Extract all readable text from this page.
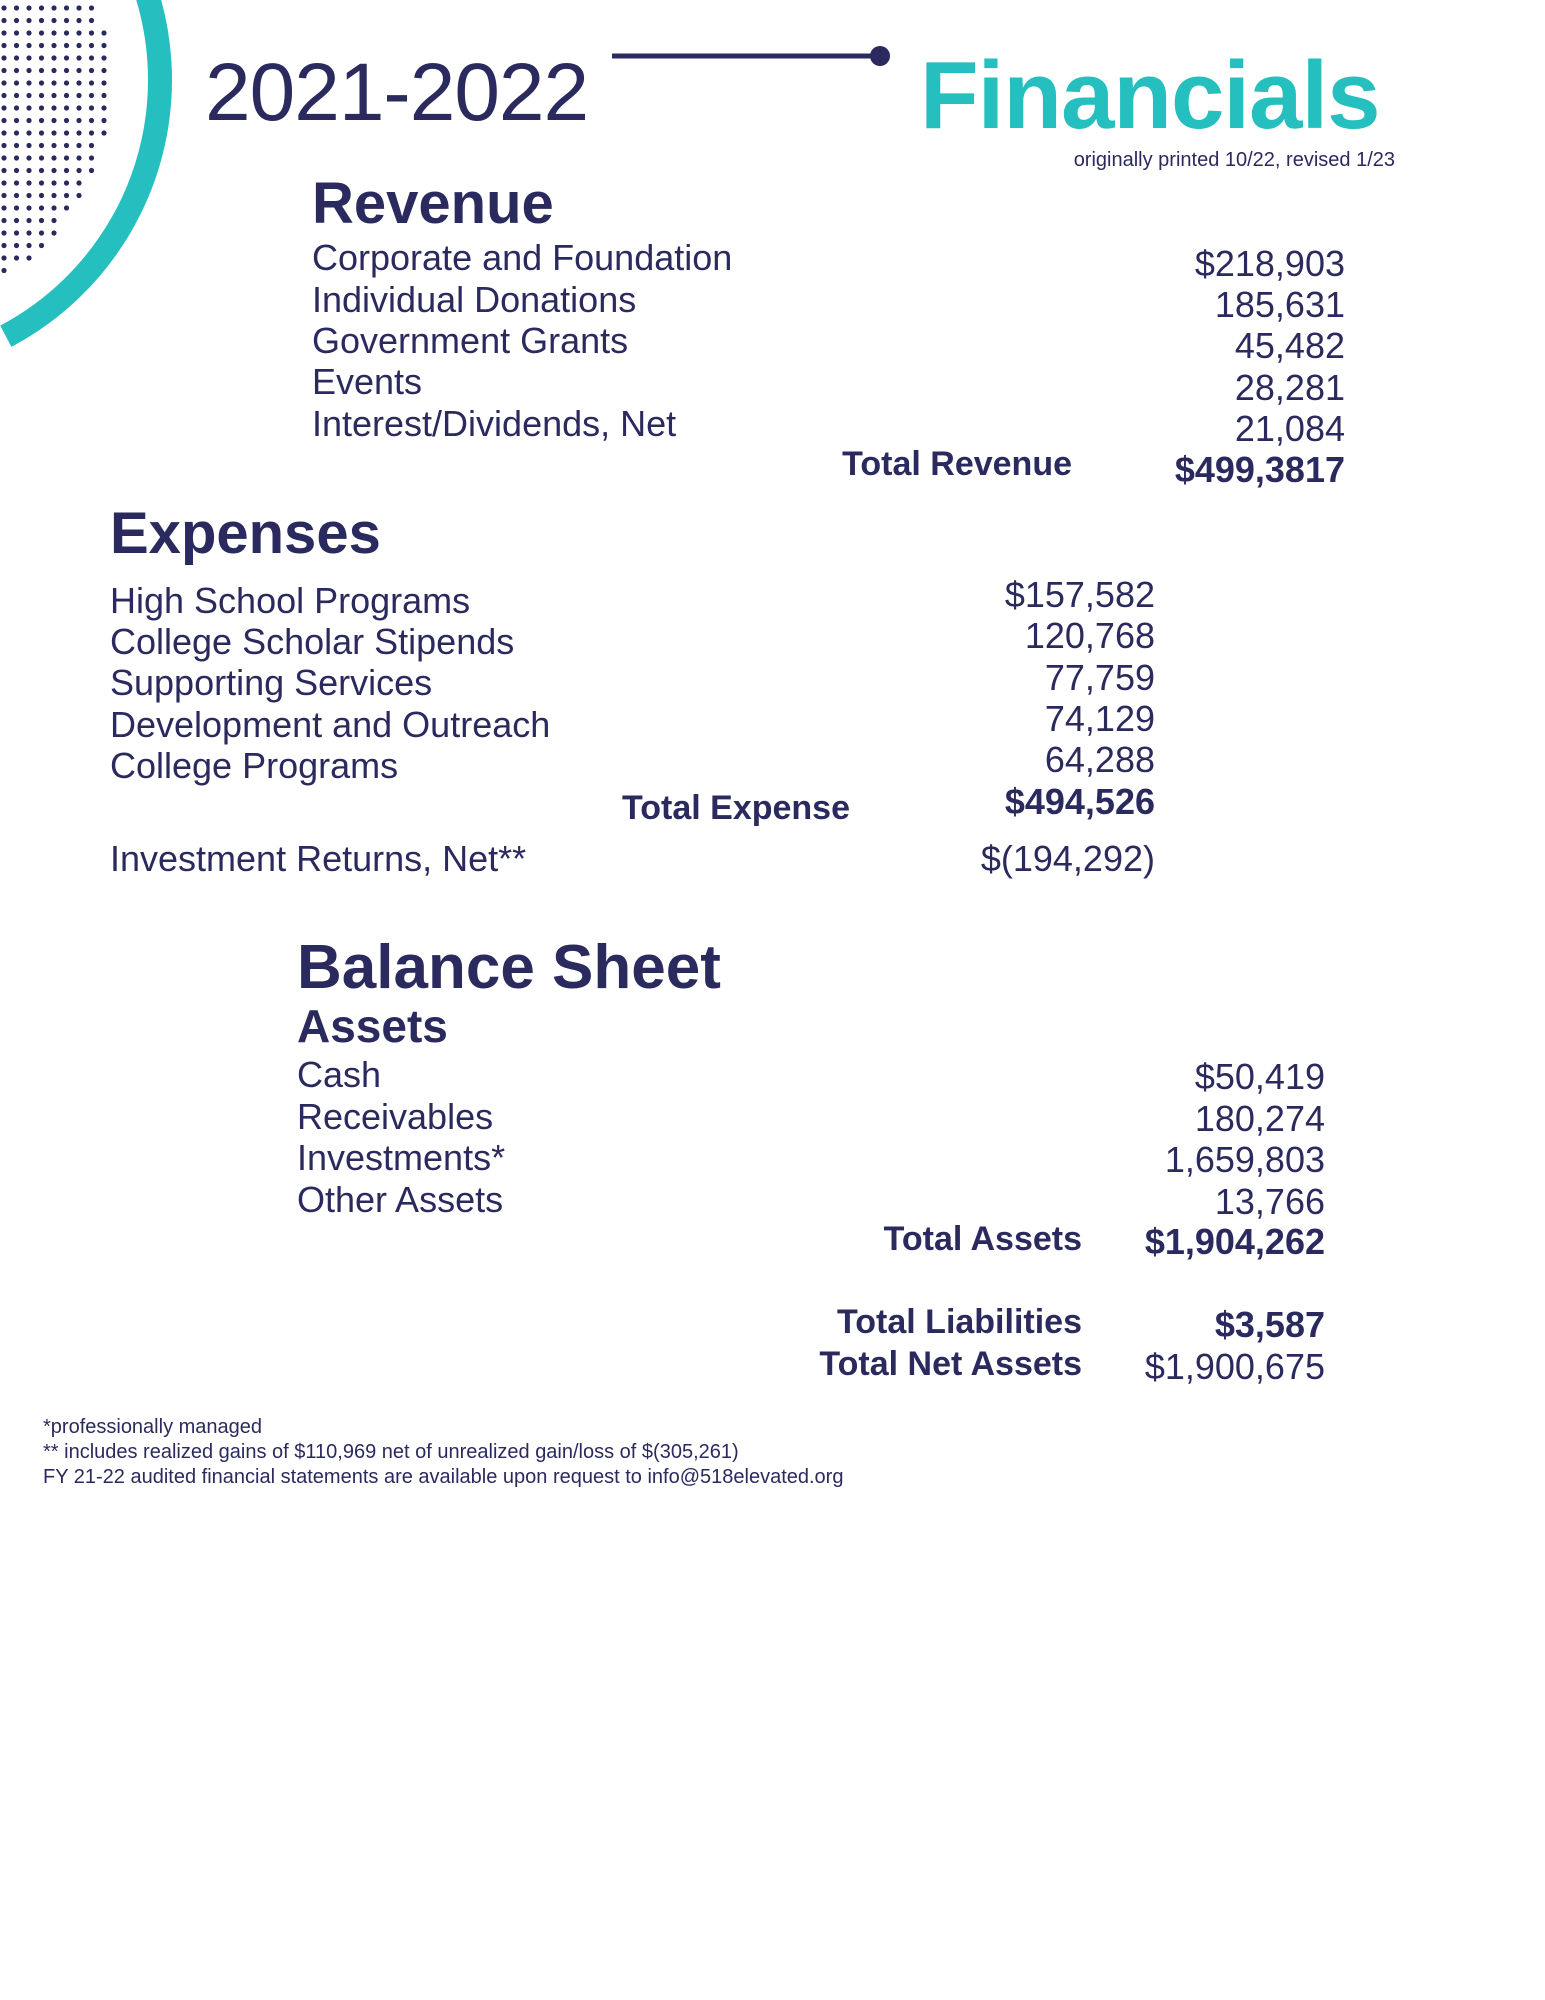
2021-2022	Financials
originally printed 10/22, revised 1/23
Revenue
Corporate and Foundation	$218,903
Individual Donations	185,631
Government Grants	45,482
Events	28,281
Interest/Dividends, Net	21,084
Total Revenue	$499,3817
Expenses
High School Programs	$157,582
College Scholar Stipends	120,768
Supporting Services	77,759
Development and Outreach	74,129
College Programs	64,288
Total Expense	$494,526
Investment Returns, Net**	$(194,292)
Balance Sheet
Assets
Cash	$50,419
Receivables	180,274
Investments*	1,659,803
Other Assets	13,766
Total Assets	$1,904,262
Total Liabilities	$3,587
Total Net Assets	$1,900,675
*professionally managed
** includes realized gains of $110,969 net of unrealized gain/loss of $(305,261)
FY 21-22 audited financial statements are available upon request to info@518elevated.org
